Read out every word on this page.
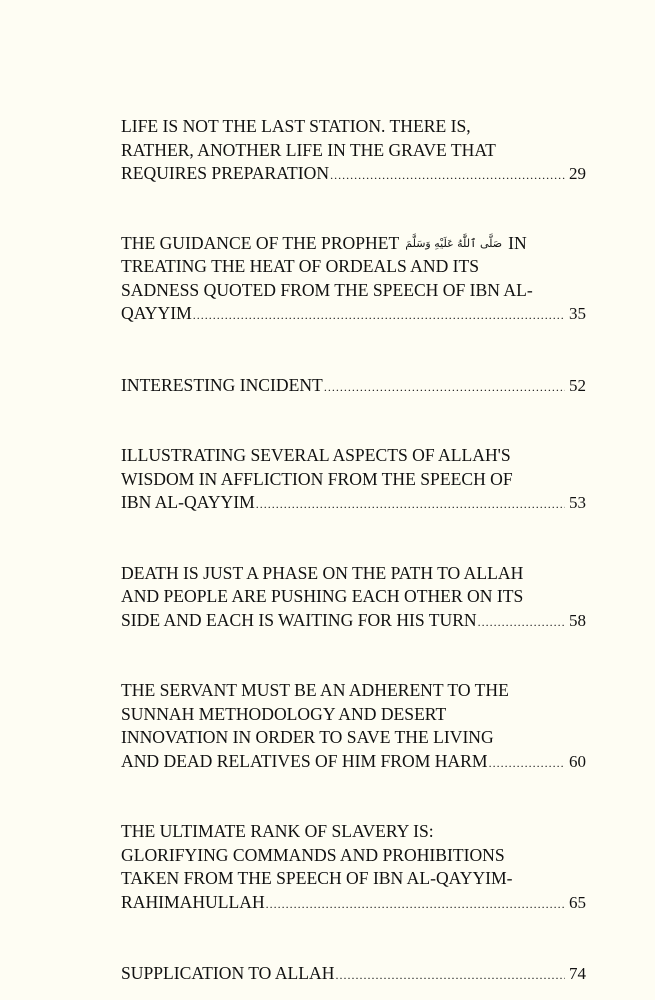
LIFE IS NOT THE LAST STATION. THERE IS,
RATHER, ANOTHER LIFE IN THE GRAVE THAT
REQUIRES PREPARATION .....	29
THE GUIDANCE OF THE PROPHET صَلَّى ٱللَّٰهُ عَلَيْهِ وَسَلَّمَ IN
TREATING THE HEAT OF ORDEALS AND ITS
SADNESS QUOTED FROM THE SPEECH OF IBN AL-
QAYYIM .....	35
INTERESTING INCIDENT .....	52
ILLUSTRATING SEVERAL ASPECTS OF ALLAH'S
WISDOM IN AFFLICTION FROM THE SPEECH OF
IBN AL-QAYYIM .....	53
DEATH IS JUST A PHASE ON THE PATH TO ALLAH
AND PEOPLE ARE PUSHING EACH OTHER ON ITS
SIDE AND EACH IS WAITING FOR HIS TURN .....	58
THE SERVANT MUST BE AN ADHERENT TO THE
SUNNAH METHODOLOGY AND DESERT
INNOVATION IN ORDER TO SAVE THE LIVING
AND DEAD RELATIVES OF HIM FROM HARM .....	60
THE ULTIMATE RANK OF SLAVERY IS:
GLORIFYING COMMANDS AND PROHIBITIONS
TAKEN FROM THE SPEECH OF IBN AL-QAYYIM-
RAHIMAHULLAH .....	65
SUPPLICATION TO ALLAH .....	74
